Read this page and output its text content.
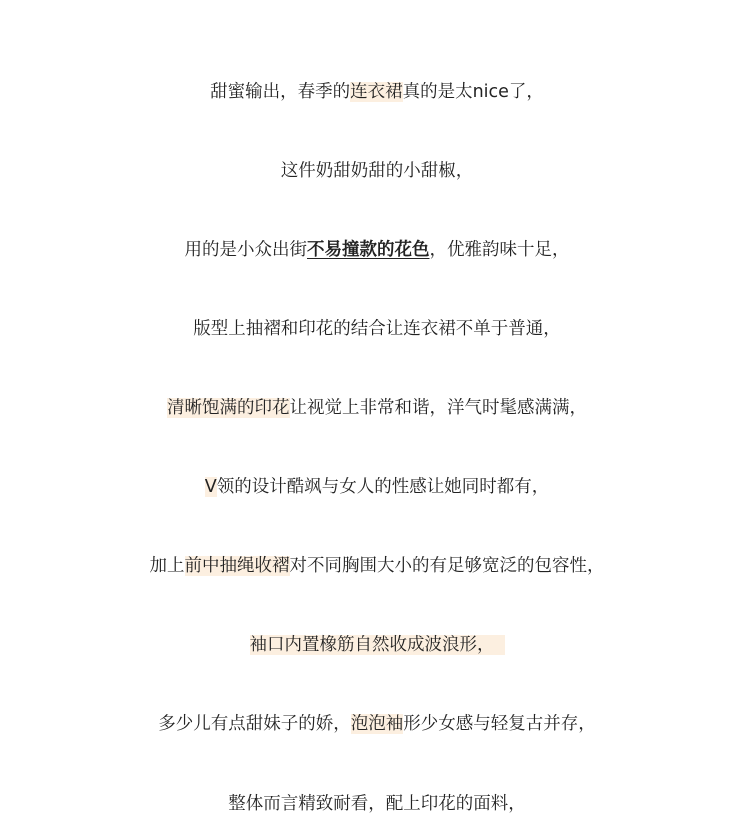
甜蜜输出，春季的连衣裙真的是太nice了，

这件奶甜奶甜的小甜椒，

用的是小众出街不易撞款的花色，优雅韵味十足，

版型上抽褶和印花的结合让连衣裙不单于普通，

清晰饱满的印花让视觉上非常和谐，洋气时髦感满满，

V领的设计酷飒与女人的性感让她同时都有，

加上前中抽绳收褶对不同胸围大小的有足够宽泛的包容性，

袖口内置橡筋自然收成波浪形，

多少儿有点甜妹子的娇，泡泡袖形少女感与轻复古并存，

整体而言精致耐看，配上印花的面料，
